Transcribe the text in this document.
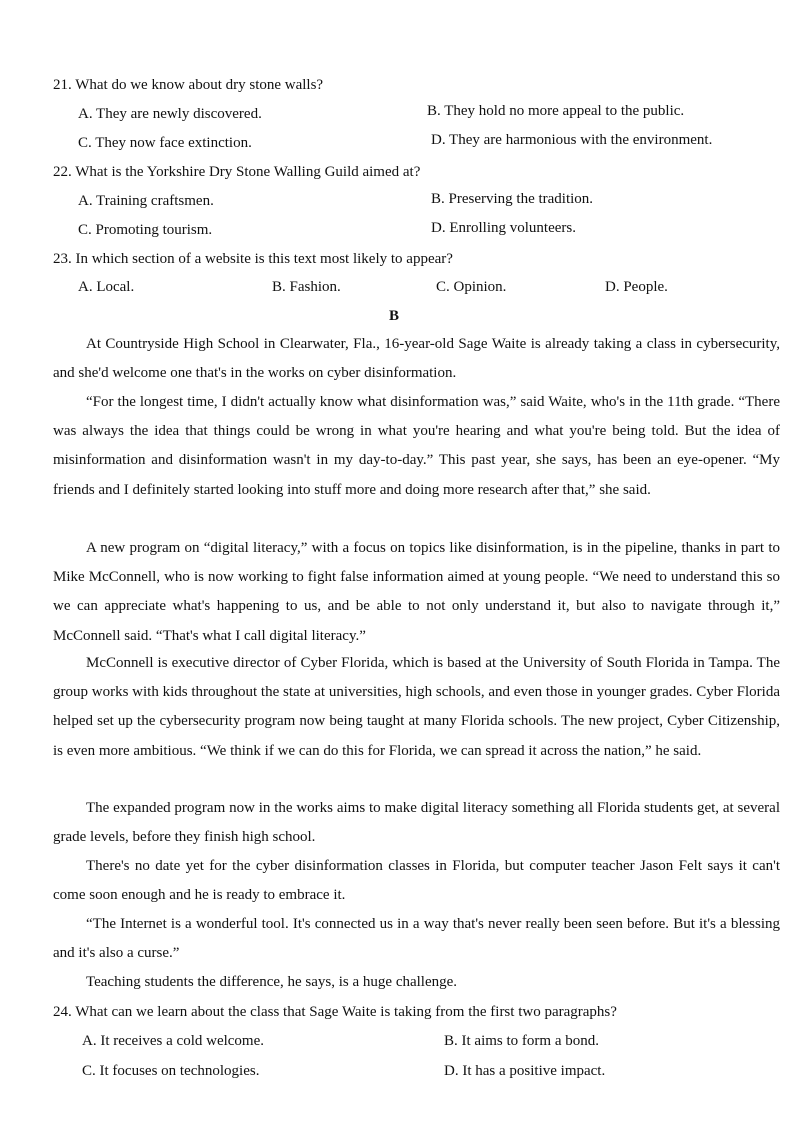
21. What do we know about dry stone walls?
A. They are newly discovered.	B. They hold no more appeal to the public.
C. They now face extinction.	D. They are harmonious with the environment.
22. What is the Yorkshire Dry Stone Walling Guild aimed at?
A. Training craftsmen.	B. Preserving the tradition.
C. Promoting tourism.	D. Enrolling volunteers.
23. In which section of a website is this text most likely to appear?
A. Local.	B. Fashion.	C. Opinion.	D. People.
B
At Countryside High School in Clearwater, Fla., 16-year-old Sage Waite is already taking a class in cybersecurity, and she'd welcome one that's in the works on cyber disinformation.
“For the longest time, I didn't actually know what disinformation was,” said Waite, who's in the 11th grade. “There was always the idea that things could be wrong in what you're hearing and what you're being told. But the idea of misinformation and disinformation wasn't in my day-to-day.” This past year, she says, has been an eye-opener. “My friends and I definitely started looking into stuff more and doing more research after that,” she said.
A new program on “digital literacy,” with a focus on topics like disinformation, is in the pipeline, thanks in part to Mike McConnell, who is now working to fight false information aimed at young people. “We need to understand this so we can appreciate what's happening to us, and be able to not only understand it, but also to navigate through it,” McConnell said. “That's what I call digital literacy.”
McConnell is executive director of Cyber Florida, which is based at the University of South Florida in Tampa. The group works with kids throughout the state at universities, high schools, and even those in younger grades. Cyber Florida helped set up the cybersecurity program now being taught at many Florida schools. The new project, Cyber Citizenship, is even more ambitious. “We think if we can do this for Florida, we can spread it across the nation,” he said.
The expanded program now in the works aims to make digital literacy something all Florida students get, at several grade levels, before they finish high school.
There's no date yet for the cyber disinformation classes in Florida, but computer teacher Jason Felt says it can't come soon enough and he is ready to embrace it.
“The Internet is a wonderful tool. It's connected us in a way that's never really been seen before. But it's a blessing and it's also a curse.”
Teaching students the difference, he says, is a huge challenge.
24. What can we learn about the class that Sage Waite is taking from the first two paragraphs?
A. It receives a cold welcome.	B. It aims to form a bond.
C. It focuses on technologies.	D. It has a positive impact.
